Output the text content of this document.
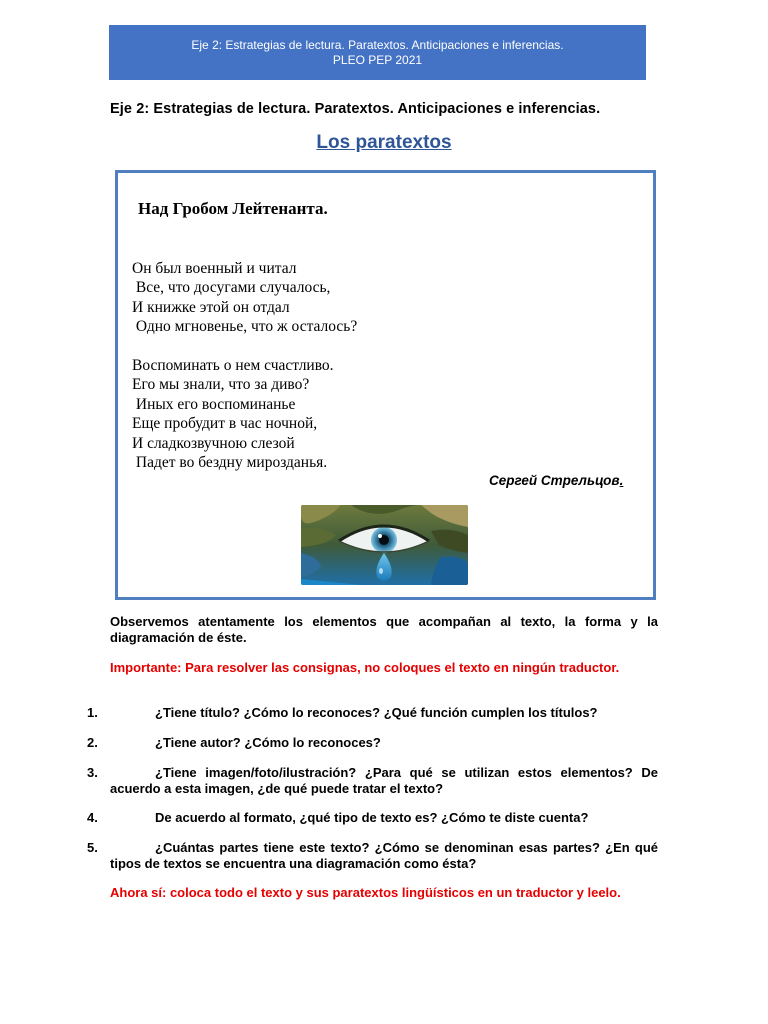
Eje 2: Estrategias de lectura. Paratextos. Anticipaciones e inferencias.
PLEO PEP 2021
Eje 2: Estrategias de lectura. Paratextos. Anticipaciones e inferencias.
Los paratextos
Над Гробом Лейтенанта.
Он был военный и читал
Все, что досугами случалось,
И книжке этой он отдал
Одно мгновенье, что ж осталось?
Воспоминать о нем счастливо.
Его мы знали, что за диво?
Иных его воспоминанье
Еще пробудит в час ночной,
И сладкозвучною слезой
Падет во бездну мирозданья.
Сергей Стрельцов.
Observemos atentamente los elementos que acompañan al texto, la forma y la diagramación de éste.
Importante: Para resolver las consignas, no coloques el texto en ningún traductor.
1.	¿Tiene título? ¿Cómo lo reconoces? ¿Qué función cumplen los títulos?
2.	¿Tiene autor? ¿Cómo lo reconoces?
3.	¿Tiene imagen/foto/ilustración? ¿Para qué se utilizan estos elementos? De acuerdo a esta imagen, ¿de qué puede tratar el texto?
4.	De acuerdo al formato, ¿qué tipo de texto es? ¿Cómo te diste cuenta?
5.	¿Cuántas partes tiene este texto? ¿Cómo se denominan esas partes? ¿En qué tipos de textos se encuentra una diagramación como ésta?
Ahora sí: coloca todo el texto y sus paratextos lingüísticos en un traductor y leelo.
